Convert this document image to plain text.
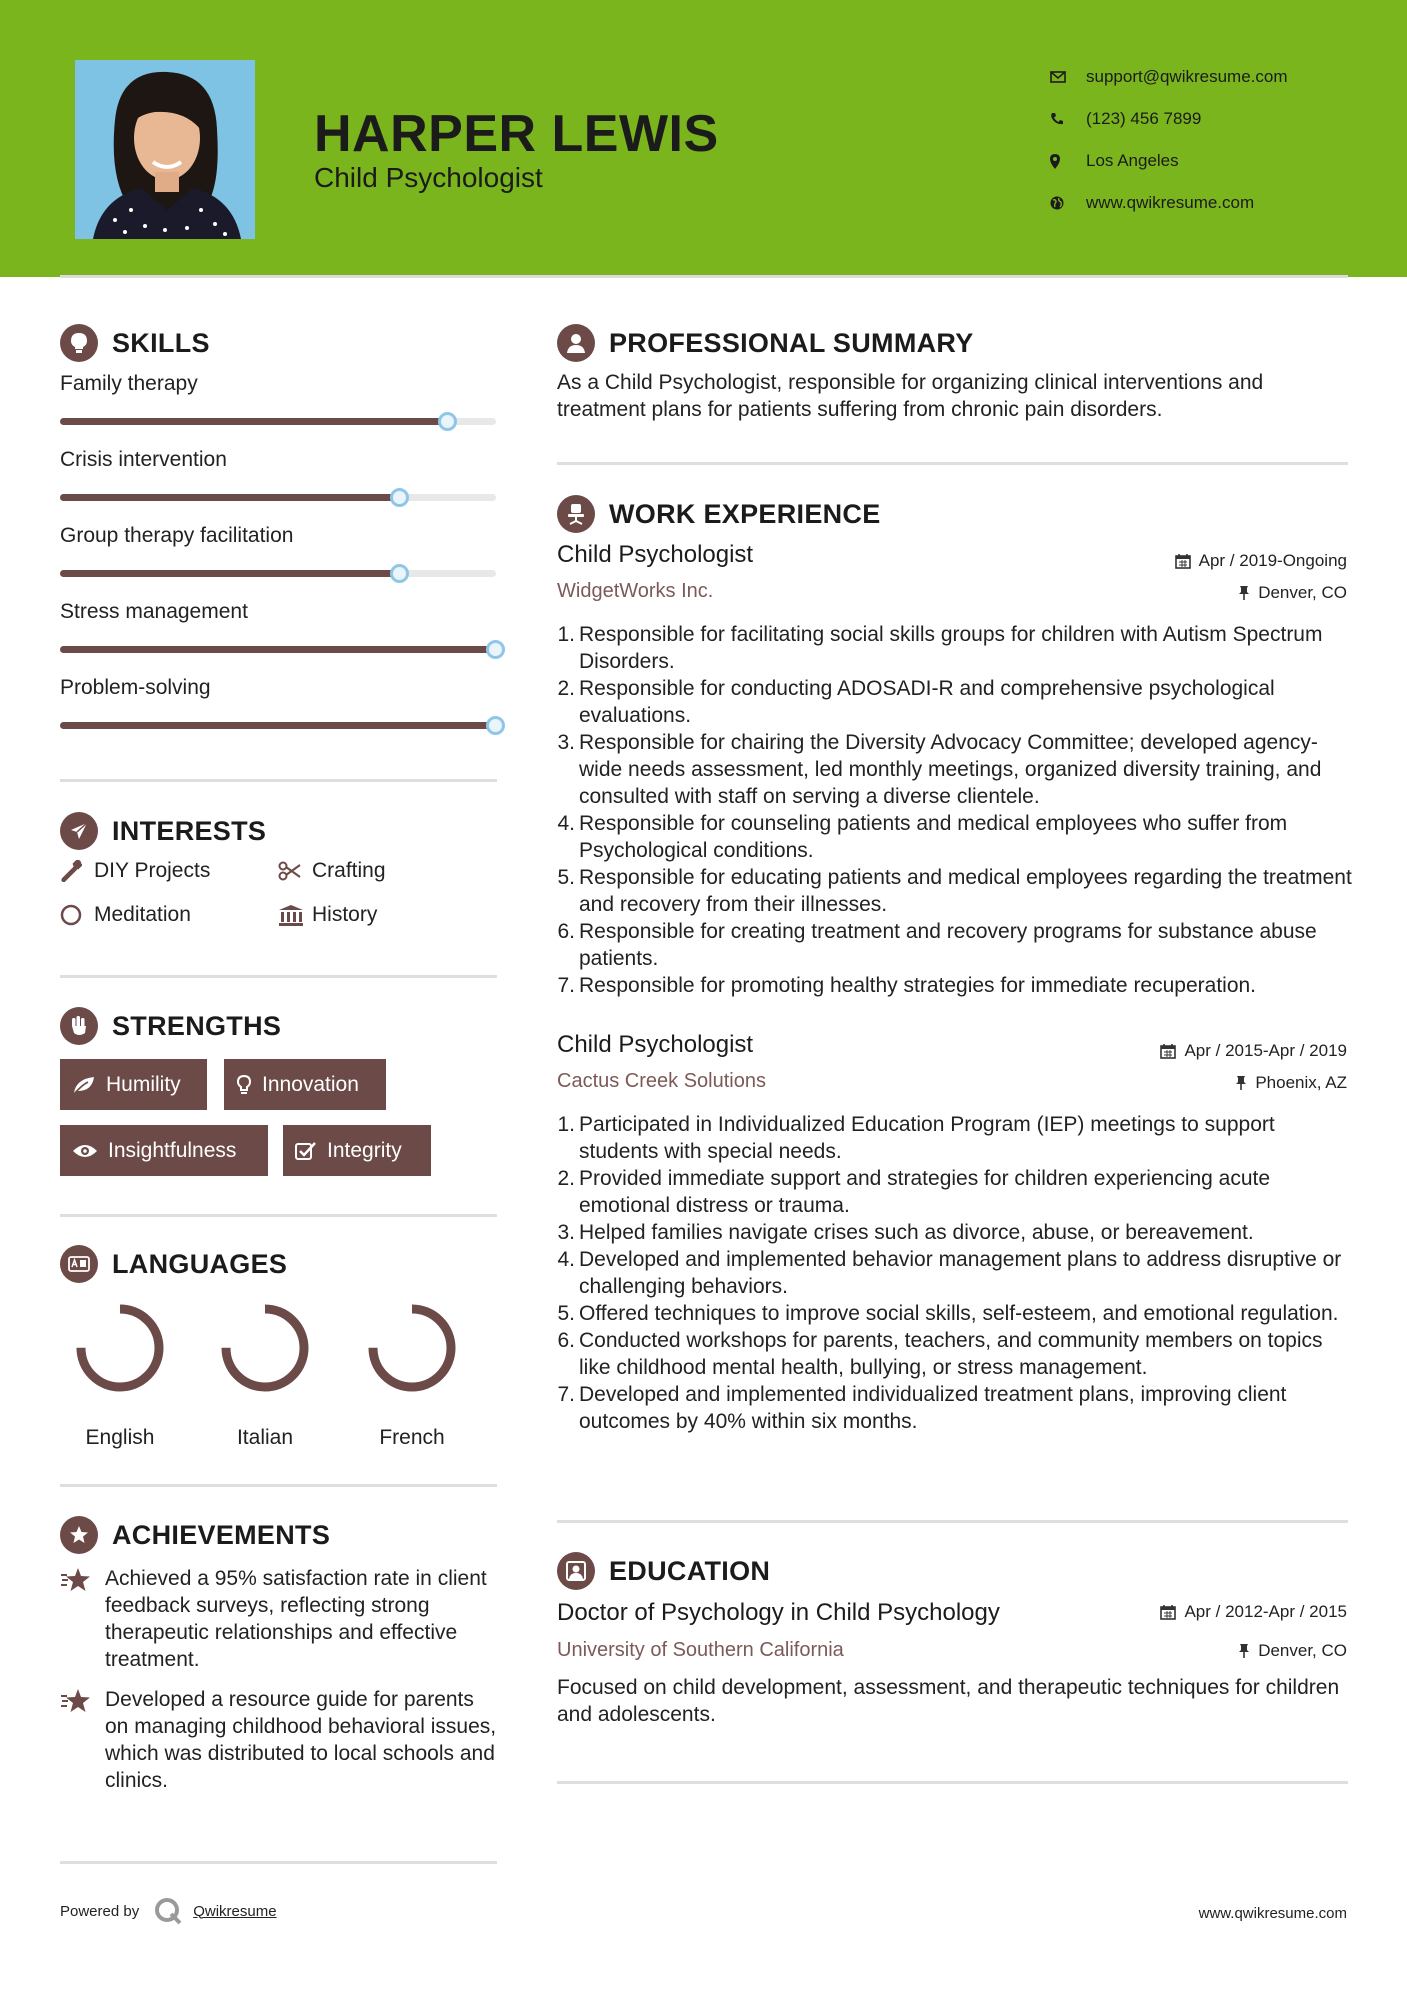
HARPER LEWIS
Child Psychologist
support@qwikresume.com
(123) 456 7899
Los Angeles
www.qwikresume.com
SKILLS
Family therapy
Crisis intervention
Group therapy facilitation
Stress management
Problem-solving
INTERESTS
DIY Projects	Crafting
Meditation	History
STRENGTHS
Humility	Innovation
Insightfulness	Integrity
LANGUAGES
English	Italian	French
ACHIEVEMENTS
Achieved a 95% satisfaction rate in client feedback surveys, reflecting strong therapeutic relationships and effective treatment.
Developed a resource guide for parents on managing childhood behavioral issues, which was distributed to local schools and clinics.
PROFESSIONAL SUMMARY
As a Child Psychologist, responsible for organizing clinical interventions and treatment plans for patients suffering from chronic pain disorders.
WORK EXPERIENCE
Child Psychologist	Apr / 2019-Ongoing
WidgetWorks Inc.	Denver, CO
1. Responsible for facilitating social skills groups for children with Autism Spectrum Disorders.
2. Responsible for conducting ADOSADI-R and comprehensive psychological evaluations.
3. Responsible for chairing the Diversity Advocacy Committee; developed agency-wide needs assessment, led monthly meetings, organized diversity training, and consulted with staff on serving a diverse clientele.
4. Responsible for counseling patients and medical employees who suffer from Psychological conditions.
5. Responsible for educating patients and medical employees regarding the treatment and recovery from their illnesses.
6. Responsible for creating treatment and recovery programs for substance abuse patients.
7. Responsible for promoting healthy strategies for immediate recuperation.
Child Psychologist	Apr / 2015-Apr / 2019
Cactus Creek Solutions	Phoenix, AZ
1. Participated in Individualized Education Program (IEP) meetings to support students with special needs.
2. Provided immediate support and strategies for children experiencing acute emotional distress or trauma.
3. Helped families navigate crises such as divorce, abuse, or bereavement.
4. Developed and implemented behavior management plans to address disruptive or challenging behaviors.
5. Offered techniques to improve social skills, self-esteem, and emotional regulation.
6. Conducted workshops for parents, teachers, and community members on topics like childhood mental health, bullying, or stress management.
7. Developed and implemented individualized treatment plans, improving client outcomes by 40% within six months.
EDUCATION
Doctor of Psychology in Child Psychology	Apr / 2012-Apr / 2015
University of Southern California	Denver, CO
Focused on child development, assessment, and therapeutic techniques for children and adolescents.
Powered by	Qwikresume	www.qwikresume.com
